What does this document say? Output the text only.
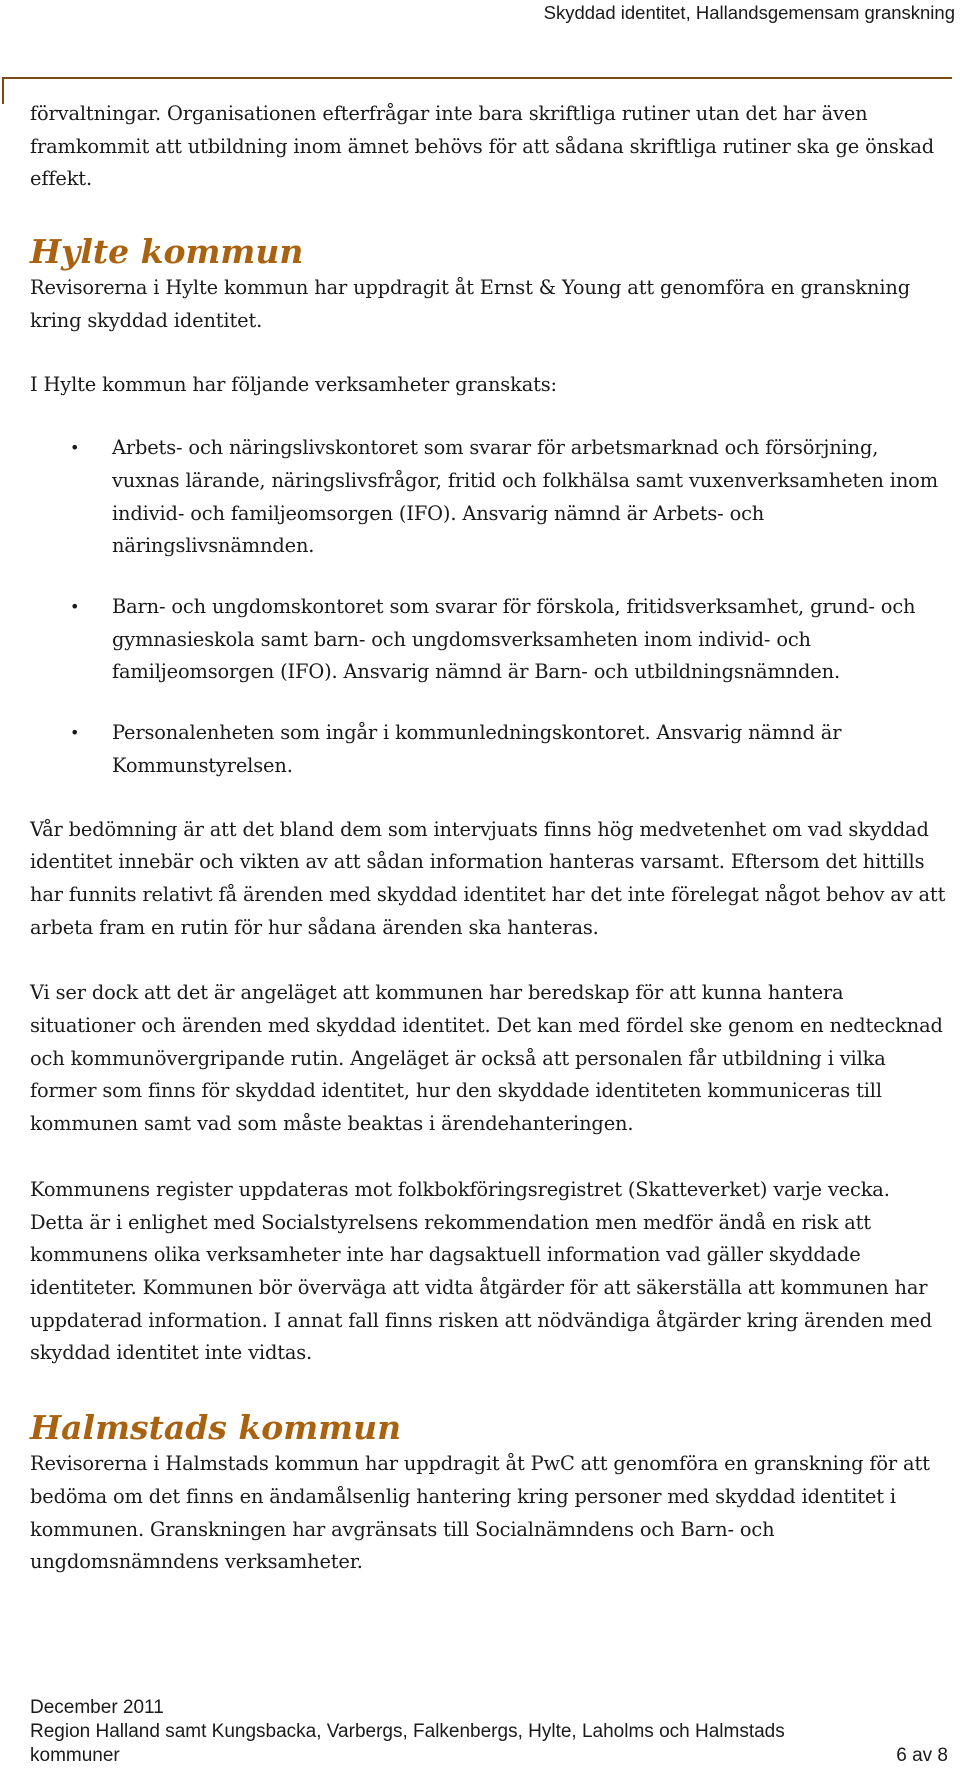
Skyddad identitet, Hallandsgemensam granskning

förvaltningar. Organisationen efterfrågar inte bara skriftliga rutiner utan det har även framkommit att utbildning inom ämnet behövs för att sådana skriftliga rutiner ska ge önskad effekt.

Hylte kommun

Revisorerna i Hylte kommun har uppdragit åt Ernst & Young att genomföra en granskning kring skyddad identitet.

I Hylte kommun har följande verksamheter granskats:

• Arbets- och näringslivskontoret som svarar för arbetsmarknad och försörjning, vuxnas lärande, näringslivsfrågor, fritid och folkhälsa samt vuxenverksamheten inom individ- och familjeomsorgen (IFO). Ansvarig nämnd är Arbets- och näringslivsnämnden.
• Barn- och ungdomskontoret som svarar för förskola, fritidsverksamhet, grund- och gymnasieskola samt barn- och ungdomsverksamheten inom individ- och familjeomsorgen (IFO). Ansvarig nämnd är Barn- och utbildningsnämnden.
• Personalenheten som ingår i kommunledningskontoret. Ansvarig nämnd är Kommunstyrelsen.

Vår bedömning är att det bland dem som intervjuats finns hög medvetenhet om vad skyddad identitet innebär och vikten av att sådan information hanteras varsamt. Eftersom det hittills har funnits relativt få ärenden med skyddad identitet har det inte förelegat något behov av att arbeta fram en rutin för hur sådana ärenden ska hanteras.

Vi ser dock att det är angeläget att kommunen har beredskap för att kunna hantera situationer och ärenden med skyddad identitet. Det kan med fördel ske genom en nedtecknad och kommunövergripande rutin. Angeläget är också att personalen får utbildning i vilka former som finns för skyddad identitet, hur den skyddade identiteten kommuniceras till kommunen samt vad som måste beaktas i ärendehanteringen.

Kommunens register uppdateras mot folkbokföringsregistret (Skatteverket) varje vecka. Detta är i enlighet med Socialstyrelsens rekommendation men medför ändå en risk att kommunens olika verksamheter inte har dagsaktuell information vad gäller skyddade identiteter. Kommunen bör överväga att vidta åtgärder för att säkerställa att kommunen har uppdaterad information. I annat fall finns risken att nödvändiga åtgärder kring ärenden med skyddad identitet inte vidtas.

Halmstads kommun

Revisorerna i Halmstads kommun har uppdragit åt PwC att genomföra en granskning för att bedöma om det finns en ändamålsenlig hantering kring personer med skyddad identitet i kommunen. Granskningen har avgränsats till Socialnämndens och Barn- och ungdomsnämndens verksamheter.

December 2011
Region Halland samt Kungsbacka, Varbergs, Falkenbergs, Hylte, Laholms och Halmstads
kommuner	6 av 8
